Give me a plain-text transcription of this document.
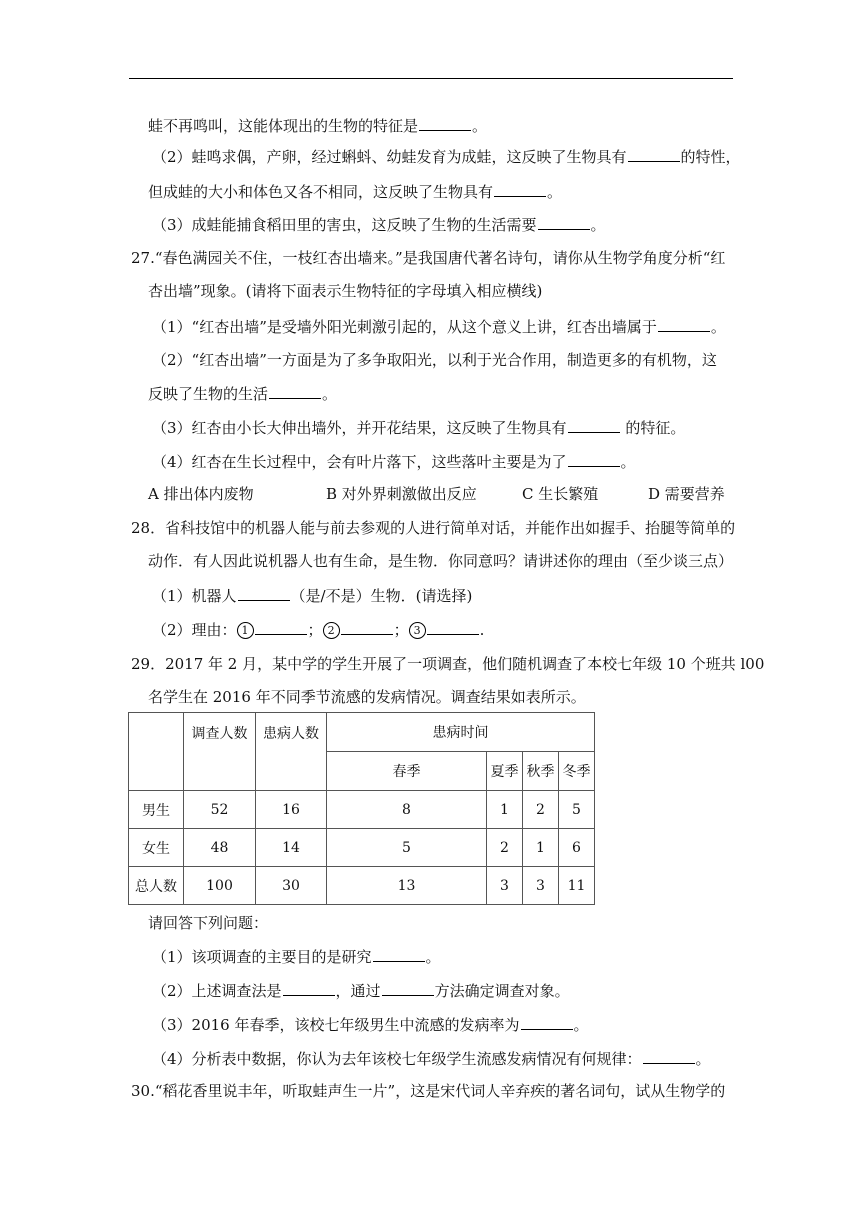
蛙不再鸣叫，这能体现出的生物的特征是	。
（2）蛙鸣求偶，产卵，经过蝌蚪、幼蛙发育为成蛙，这反映了生物具有	的特性，
但成蛙的大小和体色又各不相同，这反映了生物具有	。
（3）成蛙能捕食稻田里的害虫，这反映了生物的生活需要	。
27.“春色满园关不住，一枝红杏出墙来。”是我国唐代著名诗句，请你从生物学角度分析“红
杏出墙”现象。(请将下面表示生物特征的字母填入相应横线)
（1）“红杏出墙”是受墙外阳光刺激引起的，从这个意义上讲，红杏出墙属于	。
（2）“红杏出墙”一方面是为了多争取阳光，以利于光合作用，制造更多的有机物，这
反映了生物的生活	。
（3）红杏由小长大伸出墙外，并开花结果，这反映了生物具有	的特征。
（4）红杏在生长过程中，会有叶片落下，这些落叶主要是为了	。
A 排出体内废物	B 对外界刺激做出反应	C 生长繁殖	D 需要营养
28．省科技馆中的机器人能与前去参观的人进行简单对话，并能作出如握手、抬腿等简单的
动作．有人因此说机器人也有生命，是生物．你同意吗？请讲述你的理由（至少谈三点）
（1）机器人	（是/不是）生物．(请选择)
（2）理由： 1	； 2	； 3	.
29．2017 年 2 月，某中学的学生开展了一项调查，他们随机调查了本校七年级 10 个班共 l00
名学生在 2016 年不同季节流感的发病情况。调查结果如表所示。
	调查人数	患病人数	患病时间			
			春季	夏季	秋季	冬季
男生	52	16	8	1	2	5
女生	48	14	5	2	1	6
总人数	100	30	13	3	3	11
请回答下列问题：
（1）该项调查的主要目的是研究	。
（2）上述调查法是	，通过	方法确定调查对象。
（3）2016 年春季，该校七年级男生中流感的发病率为	。
（4）分析表中数据，你认为去年该校七年级学生流感发病情况有何规律：	。
30.“稻花香里说丰年，听取蛙声生一片”，这是宋代词人辛弃疾的著名词句，试从生物学的
